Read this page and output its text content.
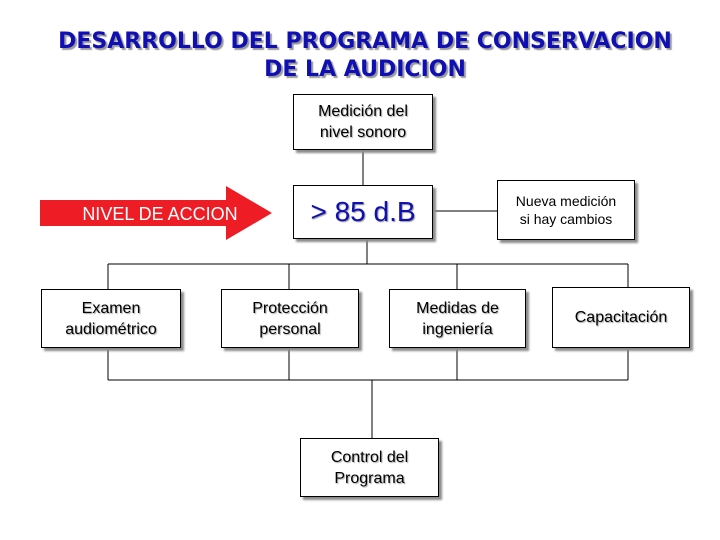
DESARROLLO DEL PROGRAMA DE CONSERVACION
DE LA AUDICION
NIVEL DE ACCION
Medición del
nivel sonoro
> 85 d.B	Nueva medición
si hay cambios
Examen
audiométrico
Protección
personal
Medidas de
ingeniería
Capacitación
Control del
Programa
